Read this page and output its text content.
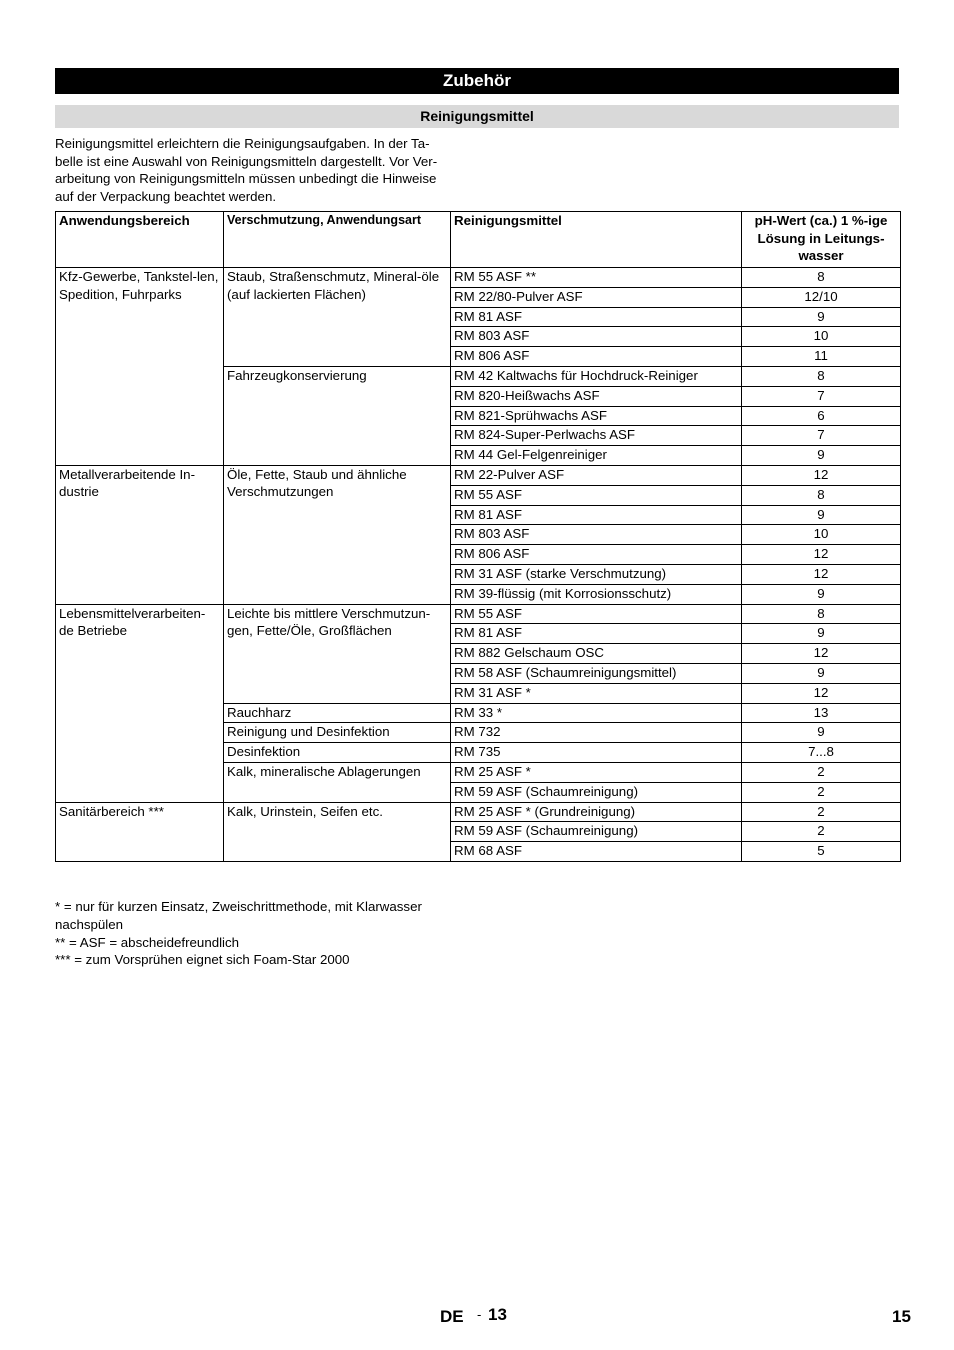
Zubehör
Reinigungsmittel
Reinigungsmittel erleichtern die Reinigungsaufgaben. In der Ta-
belle ist eine Auswahl von Reinigungsmitteln dargestellt. Vor Ver-
arbeitung von Reinigungsmitteln müssen unbedingt die Hinweise
auf der Verpackung beachtet werden.
Anwendungsbereich	Verschmutzung, Anwendungsart	Reinigungsmittel	pH-Wert (ca.) 1 %-ige Lösung in Leitungs-wasser
Kfz-Gewerbe, Tankstel-len, Spedition, Fuhrparks	Staub, Straßenschmutz, Mineral-öle (auf lackierten Flächen)	RM 55 ASF **	8
		RM 22/80-Pulver ASF	12/10
		RM 81 ASF	9
		RM 803 ASF	10
		RM 806 ASF	11
	Fahrzeugkonservierung	RM 42 Kaltwachs für Hochdruck-Reiniger	8
		RM 820-Heißwachs ASF	7
		RM 821-Sprühwachs ASF	6
		RM 824-Super-Perlwachs ASF	7
		RM 44 Gel-Felgenreiniger	9
Metallverarbeitende In-dustrie	Öle, Fette, Staub und ähnliche Verschmutzungen	RM 22-Pulver ASF	12
		RM 55 ASF	8
		RM 81 ASF	9
		RM 803 ASF	10
		RM 806 ASF	12
		RM 31 ASF (starke Verschmutzung)	12
		RM 39-flüssig (mit Korrosionsschutz)	9
Lebensmittelverarbeiten-de Betriebe	Leichte bis mittlere Verschmutzun-gen, Fette/Öle, Großflächen	RM 55 ASF	8
		RM 81 ASF	9
		RM 882 Gelschaum OSC	12
		RM 58 ASF (Schaumreinigungsmittel)	9
		RM 31 ASF *	12
	Rauchharz	RM 33 *	13
	Reinigung und Desinfektion	RM 732	9
	Desinfektion	RM 735	7...8
	Kalk, mineralische Ablagerungen	RM 25 ASF *	2
		RM 59 ASF (Schaumreinigung)	2
Sanitärbereich ***	Kalk, Urinstein, Seifen etc.	RM 25 ASF * (Grundreinigung)	2
		RM 59 ASF (Schaumreinigung)	2
		RM 68 ASF	5
* = nur für kurzen Einsatz, Zweischrittmethode, mit Klarwasser
nachspülen
** = ASF = abscheidefreundlich
*** = zum Vorsprühen eignet sich Foam-Star 2000
DE - 13	15
